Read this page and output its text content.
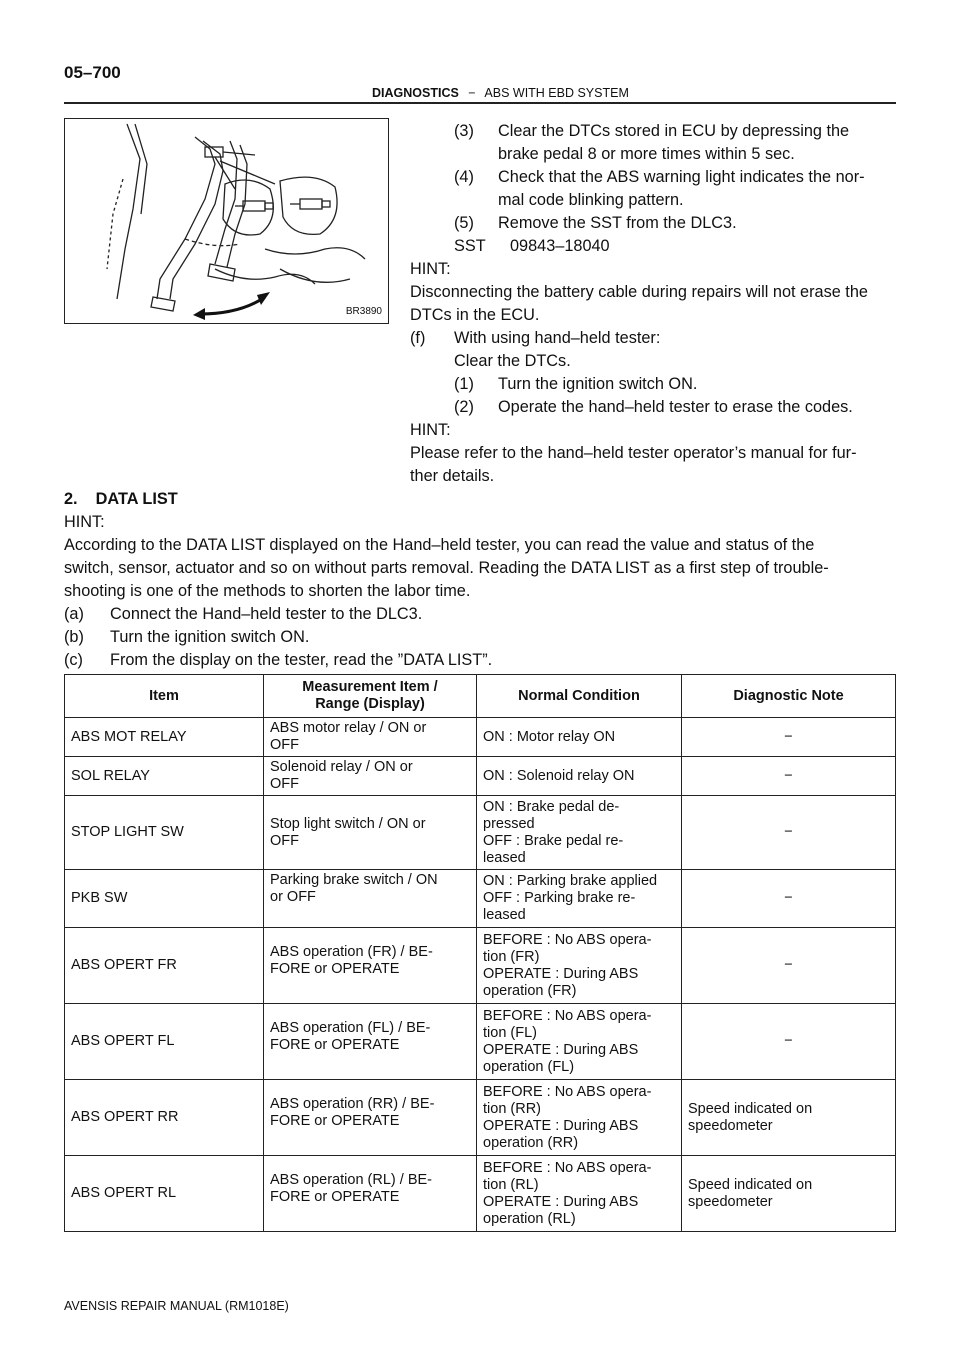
05–700
DIAGNOSTICS − ABS WITH EBD SYSTEM
BR3890
(3) Clear the DTCs stored in ECU by depressing the
brake pedal 8 or more times within 5 sec.
(4) Check that the ABS warning light indicates the nor-
mal code blinking pattern.
(5) Remove the SST from the DLC3.
SST 09843–18040
HINT:
Disconnecting the battery cable during repairs will not erase the
DTCs in the ECU.
(f) With using hand–held tester:
Clear the DTCs.
(1) Turn the ignition switch ON.
(2) Operate the hand–held tester to erase the codes.
HINT:
Please refer to the hand–held tester operator’s manual for fur-
ther details.
2.    DATA LIST
HINT:
According to the DATA LIST displayed on the Hand–held tester, you can read the value and status of the
switch, sensor, actuator and so on without parts removal. Reading the DATA LIST as a first step of trouble-
shooting is one of the methods to shorten the labor time.
(a) Connect the Hand–held tester to the DLC3.
(b) Turn the ignition switch ON.
(c) From the display on the tester, read the ”DATA LIST”.
Item	Measurement Item /
Range (Display)	Normal Condition	Diagnostic Note
ABS MOT RELAY	ABS motor relay / ON or
OFF	ON : Motor relay ON	−
SOL RELAY	Solenoid relay / ON or
OFF	ON : Solenoid relay ON	−
STOP LIGHT SW	Stop light switch / ON or
OFF	ON : Brake pedal de-
pressed
OFF : Brake pedal re-
leased	−
PKB SW	Parking brake switch / ON
or OFF	ON : Parking brake applied
OFF : Parking brake re-
leased	−
ABS OPERT FR	ABS operation (FR) / BE-
FORE or OPERATE	BEFORE : No ABS opera-
tion (FR)
OPERATE : During ABS
operation (FR)	−
ABS OPERT FL	ABS operation (FL) / BE-
FORE or OPERATE	BEFORE : No ABS opera-
tion (FL)
OPERATE : During ABS
operation (FL)	−
ABS OPERT RR	ABS operation (RR) / BE-
FORE or OPERATE	BEFORE : No ABS opera-
tion (RR)
OPERATE : During ABS
operation (RR)	Speed indicated on
speedometer
ABS OPERT RL	ABS operation (RL) / BE-
FORE or OPERATE	BEFORE : No ABS opera-
tion (RL)
OPERATE : During ABS
operation (RL)	Speed indicated on
speedometer
AVENSIS REPAIR MANUAL (RM1018E)
